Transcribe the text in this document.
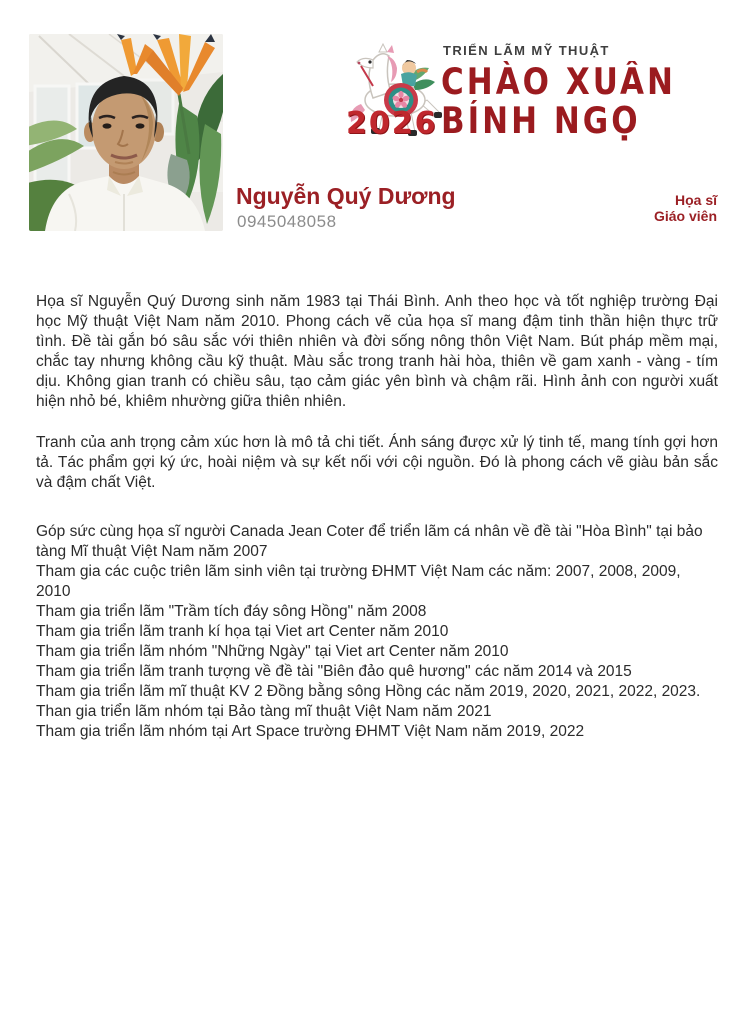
TRIỂN LÃM MỸ THUẬT
CHÀO XUÂN
BÍNH NGỌ
2026
Nguyễn Quý Dương
0945048058
Họa sĩ
Giáo viên

Họa sĩ Nguyễn Quý Dương sinh năm 1983 tại Thái Bình. Anh theo học và tốt nghiệp trường Đại học Mỹ thuật Việt Nam năm 2010. Phong cách vẽ của họa sĩ mang đậm tinh thần hiện thực trữ tình. Đề tài gắn bó sâu sắc với thiên nhiên và đời sống nông thôn Việt Nam. Bút pháp mềm mại, chắc tay nhưng không cầu kỹ thuật. Màu sắc trong tranh hài hòa, thiên về gam xanh - vàng - tím dịu. Không gian tranh có chiều sâu, tạo cảm giác yên bình và chậm rãi. Hình ảnh con người xuất hiện nhỏ bé, khiêm nhường giữa thiên nhiên.

Tranh của anh trọng cảm xúc hơn là mô tả chi tiết. Ánh sáng được xử lý tinh tế, mang tính gợi hơn tả. Tác phẩm gợi ký ức, hoài niệm và sự kết nối với cội nguồn. Đó là phong cách vẽ giàu bản sắc và đậm chất Việt.

Góp sức cùng họa sĩ người Canada Jean Coter để triển lãm cá nhân về đề tài "Hòa Bình" tại bảo tàng Mĩ thuật Việt Nam năm 2007
Tham gia các cuộc triên lãm sinh viên tại trường ĐHMT Việt Nam các năm: 2007, 2008, 2009, 2010
Tham gia triển lãm "Trầm tích đáy sông Hồng" năm 2008
Tham gia triển lãm tranh kí họa tại Viet art Center năm 2010
Tham gia triển lãm nhóm "Những Ngày" tại Viet art Center năm 2010
Tham gia triển lãm tranh tượng về đề tài "Biên đảo quê hương" các năm 2014 và 2015
Tham gia triển lãm mĩ thuật KV 2 Đồng bằng sông Hồng các năm 2019, 2020, 2021, 2022, 2023.
Than gia triển lãm nhóm tại Bảo tàng mĩ thuật Việt Nam năm 2021
Tham gia triển lãm nhóm tại Art Space trường ĐHMT Việt Nam năm 2019, 2022
